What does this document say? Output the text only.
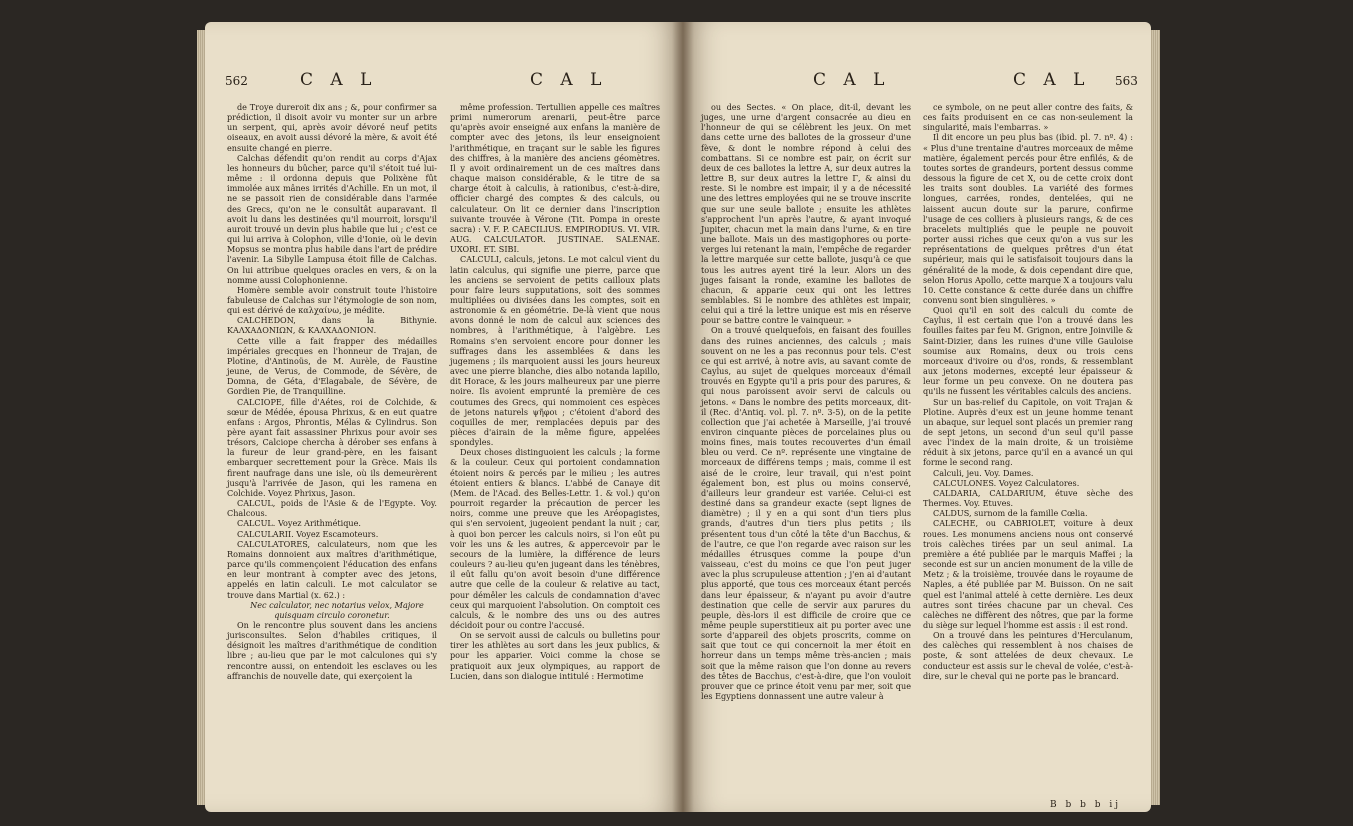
562	C A L	C A L

de Troye dureroit dix ans ; &, pour confirmer sa prédiction, il disoit avoir vu monter sur un arbre un serpent, qui, après avoir dévoré neuf petits oiseaux, en avoit aussi dévoré la mère, & avoit été ensuite changé en pierre.

Calchas défendit qu'on rendit au corps d'Ajax les honneurs du bûcher, parce qu'il s'étoit tué lui-même : il ordonna depuis que Polixène fût immolée aux mânes irrités d'Achille. En un mot, il ne se passoit rien de considérable dans l'armée des Grecs, qu'on ne le consultât auparavant. Il avoit lu dans les destinées qu'il mourroit, lorsqu'il auroit trouvé un devin plus habile que lui ; c'est ce qui lui arriva à Colophon, ville d'Ionie, où le devin Mopsus se montra plus habile dans l'art de prédire l'avenir. La Sibylle Lampusa étoit fille de Calchas. On lui attribue quelques oracles en vers, & on la nomme aussi Colophonienne.

Homère semble avoir construit toute l'histoire fabuleuse de Calchas sur l'étymologie de son nom, qui est dérivé de καλχαίνω, je médite.

CALCHEDON, dans la Bithynie. ΚΑΛΧΑΔΟΝΙΩΝ, & ΚΑΛΧΑΔΟΝΙΟΝ.

Cette ville a fait frapper des médailles impériales grecques en l'honneur de Trajan, de Plotine, d'Antinoüs, de M. Aurèle, de Faustine jeune, de Verus, de Commode, de Sévère, de Domna, de Géta, d'Elagabale, de Sévère, de Gordien Pie, de Tranquilline.

CALCIOPE, fille d'Aétes, roi de Colchide, & sœur de Médée, épousa Phrixus, & en eut quatre enfans : Argos, Phrontis, Mélas & Cylindrus. Son père ayant fait assassiner Phrixus pour avoir ses trésors, Calciope chercha à dérober ses enfans à la fureur de leur grand-père, en les faisant embarquer secrettement pour la Grèce. Mais ils firent naufrage dans une isle, où ils demeurèrent jusqu'à l'arrivée de Jason, qui les ramena en Colchide. Voyez Phrixus, Jason.

CALCUL, poids de l'Asie & de l'Egypte. Voy. Chalcous.

CALCUL. Voyez Arithmétique.

CALCULARII. Voyez Escamoteurs.

CALCULATORES, calculateurs, nom que les Romains donnoient aux maîtres d'arithmétique, parce qu'ils commençoient l'éducation des enfans en leur montrant à compter avec des jetons, appelés en latin calculi. Le mot calculator se trouve dans Martial (x. 62.) :

Nec calculator, nec notarius velox, Majore quisquam circulo coronetur.

On le rencontre plus souvent dans les anciens jurisconsultes. Selon d'habiles critiques, il désignoit les maîtres d'arithmétique de condition libre ; au-lieu que par le mot calculones qui s'y rencontre aussi, on entendoit les esclaves ou les affranchis de nouvelle date, qui exerçoient la

même profession. Tertullien appelle ces maîtres primi numerorum arenarii, peut-être parce qu'après avoir enseigné aux enfans la manière de compter avec des jetons, ils leur enseignoient l'arithmétique, en traçant sur le sable les figures des chiffres, à la manière des anciens géomètres. Il y avoit ordinairement un de ces maîtres dans chaque maison considérable, & le titre de sa charge étoit à calculis, à rationibus, c'est-à-dire, officier chargé des comptes & des calculs, ou calculateur. On lit ce dernier dans l'inscription suivante trouvée à Vérone (Tit. Pompa in oreste sacra) : V. F. P. CAECILIUS. EMPIRODIUS. VI. VIR. AUG. CALCULATOR. JUSTINAE. SALENAE. UXORI. ET. SIBI.

CALCULI, calculs, jetons. Le mot calcul vient du latin calculus, qui signifie une pierre, parce que les anciens se servoient de petits cailloux plats pour faire leurs supputations, soit des sommes multipliées ou divisées dans les comptes, soit en astronomie & en géométrie. De-là vient que nous avons donné le nom de calcul aux sciences des nombres, à l'arithmétique, à l'algèbre. Les Romains s'en servoient encore pour donner les suffrages dans les assemblées & dans les jugemens ; ils marquoient aussi les jours heureux avec une pierre blanche, dies albo notanda lapillo, dit Horace, & les jours malheureux par une pierre noire. Ils avoient emprunté la première de ces coutumes des Grecs, qui nommoient ces espèces de jetons naturels ψῆφοι ; c'étoient d'abord des coquilles de mer, remplacées depuis par des pièces d'airain de la même figure, appelées spondyles.

Deux choses distinguoient les calculs ; la forme & la couleur. Ceux qui portoient condamnation étoient noirs & percés par le milieu ; les autres étoient entiers & blancs. L'abbé de Canaye dit (Mem. de l'Acad. des Belles-Lettr. 1. & vol.) qu'on pourroit regarder la précaution de percer les noirs, comme une preuve que les Aréopagistes, qui s'en servoient, jugeoient pendant la nuit ; car, à quoi bon percer les calculs noirs, si l'on eût pu voir les uns & les autres, & appercevoir par le secours de la lumière, la différence de leurs couleurs ? au-lieu qu'en jugeant dans les ténèbres, il eût fallu qu'on avoit besoin d'une différence autre que celle de la couleur & relative au tact, pour démêler les calculs de condamnation d'avec ceux qui marquoient l'absolution. On comptoit ces calculs, & le nombre des uns ou des autres décidoit pour ou contre l'accusé.

On se servoit aussi de calculs ou bulletins pour tirer les athlètes au sort dans les jeux publics, & pour les apparier. Voici comme la chose se pratiquoit aux jeux olympiques, au rapport de Lucien, dans son dialogue intitulé : Hermotime

C A L	C A L 563

ou des Sectes. « On place, dit-il, devant les juges, une urne d'argent consacrée au dieu en l'honneur de qui se célèbrent les jeux. On met dans cette urne des ballotes de la grosseur d'une fève, & dont le nombre répond à celui des combattans. Si ce nombre est pair, on écrit sur deux de ces ballotes la lettre A, sur deux autres la lettre B, sur deux autres la lettre Γ, & ainsi du reste. Si le nombre est impair, il y a de nécessité une des lettres employées qui ne se trouve inscrite que sur une seule ballote ; ensuite les athlètes s'approchent l'un après l'autre, & ayant invoqué Jupiter, chacun met la main dans l'urne, & en tire une ballote. Mais un des mastigophores ou porte-verges lui retenant la main, l'empêche de regarder la lettre marquée sur cette ballote, jusqu'à ce que tous les autres ayent tiré la leur. Alors un des juges faisant la ronde, examine les ballotes de chacun, & apparie ceux qui ont les lettres semblables. Si le nombre des athlètes est impair, celui qui a tiré la lettre unique est mis en réserve pour se battre contre le vainqueur. »

On a trouvé quelquefois, en faisant des fouilles dans des ruines anciennes, des calculs ; mais souvent on ne les a pas reconnus pour tels. C'est ce qui est arrivé, à notre avis, au savant comte de Caylus, au sujet de quelques morceaux d'émail trouvés en Egypte qu'il a pris pour des parures, & qui nous paroissent avoir servi de calculs ou jetons. « Dans le nombre des petits morceaux, dit-il (Rec. d'Antiq. vol. pl. 7. nº. 3-5), on de la petite collection que j'ai achetée à Marseille, j'ai trouvé environ cinquante pièces de porcelaines plus ou moins fines, mais toutes recouvertes d'un émail bleu ou verd. Ce nº. représente une vingtaine de morceaux de différens temps ; mais, comme il est aisé de le croire, leur travail, qui n'est point également bon, est plus ou moins conservé, d'ailleurs leur grandeur est variée. Celui-ci est destiné dans sa grandeur exacte (sept lignes de diamètre) ; il y en a qui sont d'un tiers plus grands, d'autres d'un tiers plus petits ; ils présentent tous d'un côté la tête d'un Bacchus, & de l'autre, ce que l'on regarde avec raison sur les médailles étrusques comme la poupe d'un vaisseau, c'est du moins ce que l'on peut juger avec la plus scrupuleuse attention ; j'en ai d'autant plus apporté, que tous ces morceaux étant percés dans leur épaisseur, & n'ayant pu avoir d'autre destination que celle de servir aux parures du peuple, dès-lors il est difficile de croire que ce même peuple superstitieux ait pu porter avec une sorte d'appareil des objets proscrits, comme on sait que tout ce qui concernoit la mer étoit en horreur dans un temps même très-ancien ; mais soit que la même raison que l'on donne au revers des têtes de Bacchus, c'est-à-dire, que l'on vouloit prouver que ce prince étoit venu par mer, soit que les Egyptiens donnassent une autre valeur à

ce symbole, on ne peut aller contre des faits, & ces faits produisent en ce cas non-seulement la singularité, mais l'embarras. »

Il dit encore un peu plus bas (ibid. pl. 7. nº. 4) : « Plus d'une trentaine d'autres morceaux de même matière, également percés pour être enfilés, & de toutes sortes de grandeurs, portent dessus comme dessous la figure de cet X, ou de cette croix dont les traits sont doubles. La variété des formes longues, carrées, rondes, dentelées, qui ne laissent aucun doute sur la parure, confirme l'usage de ces colliers à plusieurs rangs, & de ces bracelets multipliés que le peuple ne pouvoit porter aussi riches que ceux qu'on a vus sur les représentations de quelques prêtres d'un état supérieur, mais qui le satisfaisoit toujours dans la généralité de la mode, & dois cependant dire que, selon Horus Apollo, cette marque X a toujours valu 10. Cette constance & cette durée dans un chiffre convenu sont bien singulières. »

Quoi qu'il en soit des calculi du comte de Caylus, il est certain que l'on a trouvé dans les fouilles faites par feu M. Grignon, entre Joinville & Saint-Dizier, dans les ruines d'une ville Gauloise soumise aux Romains, deux ou trois cens morceaux d'ivoire ou d'os, ronds, & ressemblant aux jetons modernes, excepté leur épaisseur & leur forme un peu convexe. On ne doutera pas qu'ils ne fussent les véritables calculs des anciens.

Sur un bas-relief du Capitole, on voit Trajan & Plotine. Auprès d'eux est un jeune homme tenant un abaque, sur lequel sont placés un premier rang de sept jetons, un second d'un seul qu'il passe avec l'index de la main droite, & un troisième réduit à six jetons, parce qu'il en a avancé un qui forme le second rang.

Calculi, jeu. Voy. Dames.

CALCULONES. Voyez Calculatores.

CALDARIA, CALDARIUM, étuve sèche des Thermes. Voy. Etuves.

CALDUS, surnom de la famille Cœlia.

CALECHE, ou CABRIOLET, voiture à deux roues. Les monumens anciens nous ont conservé trois calèches tirées par un seul animal. La première a été publiée par le marquis Maffei ; la seconde est sur un ancien monument de la ville de Metz ; & la troisième, trouvée dans le royaume de Naples, a été publiée par M. Buisson. On ne sait quel est l'animal attelé à cette dernière. Les deux autres sont tirées chacune par un cheval. Ces calèches ne diffèrent des nôtres, que par la forme du siège sur lequel l'homme est assis : il est rond.

On a trouvé dans les peintures d'Herculanum, des calèches qui ressemblent à nos chaises de poste, & sont attelées de deux chevaux. Le conducteur est assis sur le cheval de volée, c'est-à-dire, sur le cheval qui ne porte pas le brancard.

B b b b ij
